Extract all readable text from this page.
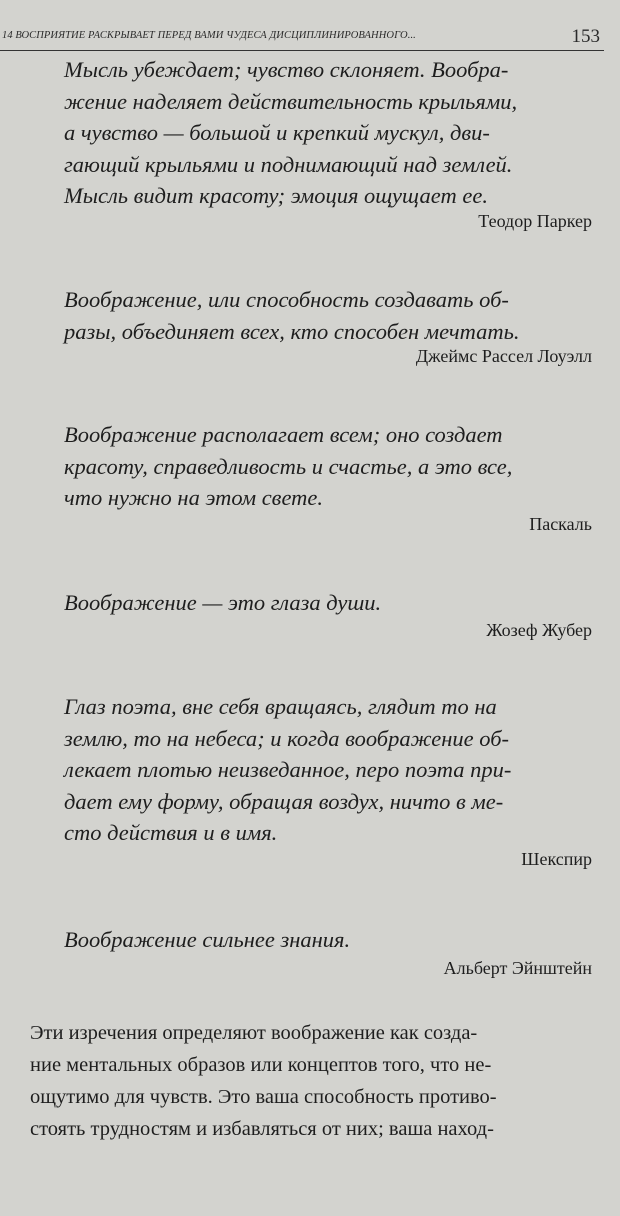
14 ВОСПРИЯТИЕ РАСКРЫВАЕТ ПЕРЕД ВАМИ ЧУДЕСА ДИСЦИПЛИНИРОВАННОГО...	153

Мысль убеждает; чувство склоняет. Вообра-
жение наделяет действительность крыльями,
а чувство — большой и крепкий мускул, дви-
гающий крыльями и поднимающий над землей.
Мысль видит красоту; эмоция ощущает ее.

Теодор Паркер

Воображение, или способность создавать об-
разы, объединяет всех, кто способен мечтать.

Джеймс Рассел Лоуэлл

Воображение располагает всем; оно создает
красоту, справедливость и счастье, а это все,
что нужно на этом свете.

Паскаль

Воображение — это глаза души.

Жозеф Жубер

Глаз поэта, вне себя вращаясь, глядит то на
землю, то на небеса; и когда воображение об-
лекает плотью неизведанное, перо поэта при-
дает ему форму, обращая воздух, ничто в ме-
сто действия и в имя.

Шекспир

Воображение сильнее знания.

Альберт Эйнштейн

Эти изречения определяют воображение как созда-
ние ментальных образов или концептов того, что не-
ощутимо для чувств. Это ваша способность противо-
стоять трудностям и избавляться от них; ваша наход-
